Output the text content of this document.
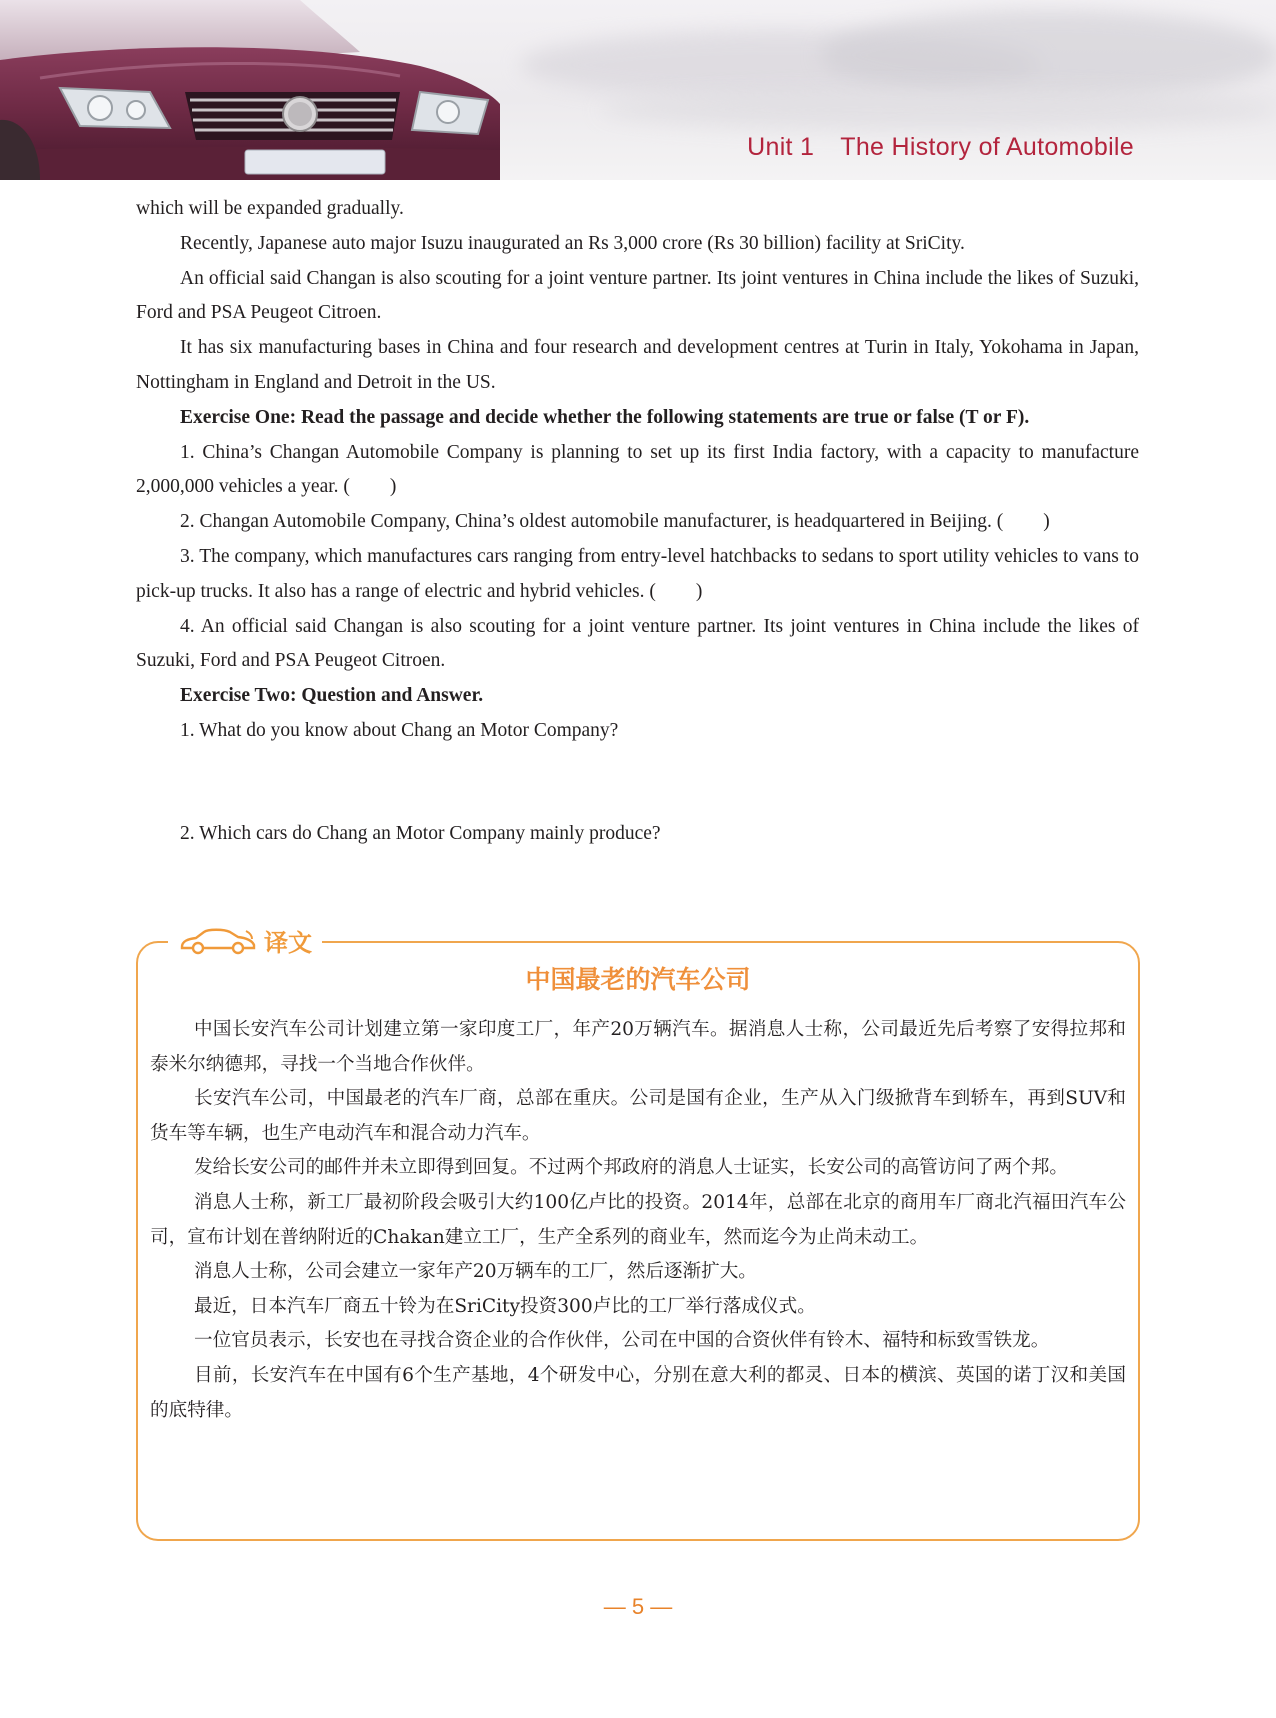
Unit 1 The History of Automobile

which will be expanded gradually.

Recently, Japanese auto major Isuzu inaugurated an Rs 3,000 crore (Rs 30 billion) facility at SriCity.

An official said Changan is also scouting for a joint venture partner. Its joint ventures in China include the likes of Suzuki, Ford and PSA Peugeot Citroen.

It has six manufacturing bases in China and four research and development centres at Turin in Italy, Yokohama in Japan, Nottingham in England and Detroit in the US.

Exercise One: Read the passage and decide whether the following statements are true or false (T or F).

1. China’s Changan Automobile Company is planning to set up its first India factory, with a capacity to manufacture 2,000,000 vehicles a year. ( )

2. Changan Automobile Company, China’s oldest automobile manufacturer, is headquartered in Beijing. ( )

3. The company, which manufactures cars ranging from entry-level hatchbacks to sedans to sport utility vehicles to vans to pick-up trucks. It also has a range of electric and hybrid vehicles. ( )

4. An official said Changan is also scouting for a joint venture partner. Its joint ventures in China include the likes of Suzuki, Ford and PSA Peugeot Citroen.

Exercise Two: Question and Answer.

1. What do you know about Chang an Motor Company?

2. Which cars do Chang an Motor Company mainly produce?

译文
中国最老的汽车公司

中国长安汽车公司计划建立第一家印度工厂，年产20万辆汽车。据消息人士称，公司最近先后考察了安得拉邦和泰米尔纳德邦，寻找一个当地合作伙伴。

长安汽车公司，中国最老的汽车厂商，总部在重庆。公司是国有企业，生产从入门级掀背车到轿车，再到SUV和货车等车辆，也生产电动汽车和混合动力汽车。

发给长安公司的邮件并未立即得到回复。不过两个邦政府的消息人士证实，长安公司的高管访问了两个邦。

消息人士称，新工厂最初阶段会吸引大约100亿卢比的投资。2014年，总部在北京的商用车厂商北汽福田汽车公司，宣布计划在普纳附近的Chakan建立工厂，生产全系列的商业车，然而迄今为止尚未动工。

消息人士称，公司会建立一家年产20万辆车的工厂，然后逐渐扩大。

最近，日本汽车厂商五十铃为在SriCity投资300卢比的工厂举行落成仪式。

一位官员表示，长安也在寻找合资企业的合作伙伴，公司在中国的合资伙伴有铃木、福特和标致雪铁龙。

目前，长安汽车在中国有6个生产基地，4个研发中心，分别在意大利的都灵、日本的横滨、英国的诺丁汉和美国的底特律。

— 5 —
